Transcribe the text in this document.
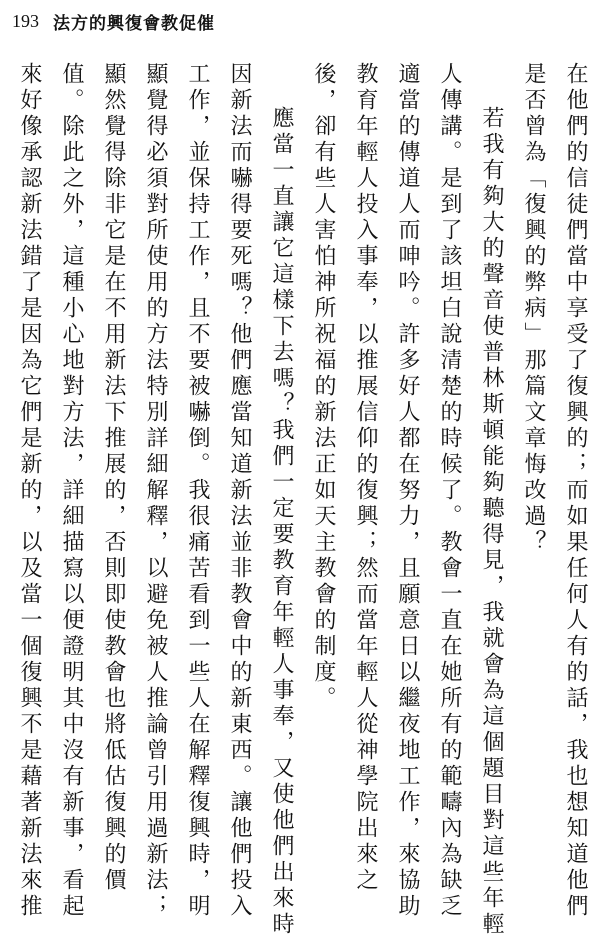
193 法方的興復會教促催

在他們的信徒們當中享受了復興的；而如果任何人有的話，我也想知道他們是否曾為「復興的弊病」那篇文章悔改過？

若我有夠大的聲音使普林斯頓能夠聽得見，我就會為這個題目對這些年輕人傳講。是到了該坦白說清楚的時候了。教會一直在她所有的範疇內為缺乏適當的傳道人而呻吟。許多好人都在努力，且願意日以繼夜地工作，來協助教育年輕人投入事奉，以推展信仰的復興；然而當年輕人從神學院出來之後，卻有些人害怕神所祝福的新法正如天主教會的制度。

應當一直讓它這樣下去嗎？我們一定要教育年輕人事奉，又使他們出來時因新法而嚇得要死嗎？他們應當知道新法並非教會中的新東西。讓他們投入工作，並保持工作，且不要被嚇倒。我很痛苦看到一些人在解釋復興時，明顯覺得必須對所使用的方法特別詳細解釋，以避免被人推論曾引用過新法；顯然覺得除非它是在不用新法下推展的，否則即使教會也將低估復興的價值。除此之外，這種小心地對方法，詳細描寫以便證明其中沒有新事，看起來好像承認新法錯了是因為它們是新的，以及當一個復興不是藉著新法來推
